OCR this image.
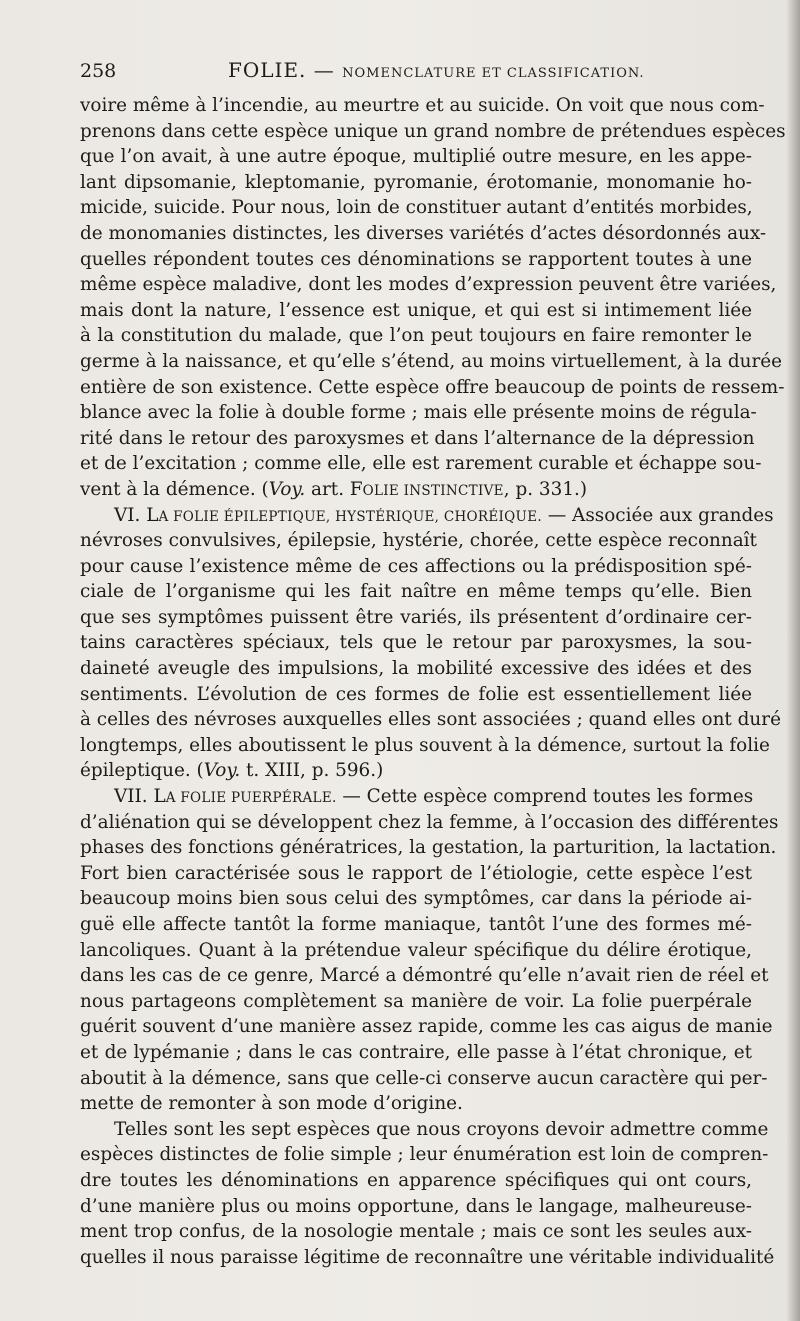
258	FOLIE. — NOMENCLATURE ET CLASSIFICATION.
voire même à l’incendie, au meurtre et au suicide. On voit que nous com-
prenons dans cette espèce unique un grand nombre de prétendues espèces
que l’on avait, à une autre époque, multiplié outre mesure, en les appe-
lant dipsomanie, kleptomanie, pyromanie, érotomanie, monomanie ho-
micide, suicide. Pour nous, loin de constituer autant d’entités morbides,
de monomanies distinctes, les diverses variétés d’actes désordonnés aux-
quelles répondent toutes ces dénominations se rapportent toutes à une
même espèce maladive, dont les modes d’expression peuvent être variées,
mais dont la nature, l’essence est unique, et qui est si intimement liée
à la constitution du malade, que l’on peut toujours en faire remonter le
germe à la naissance, et qu’elle s’étend, au moins virtuellement, à la durée
entière de son existence. Cette espèce offre beaucoup de points de ressem-
blance avec la folie à double forme ; mais elle présente moins de régula-
rité dans le retour des paroxysmes et dans l’alternance de la dépression
et de l’excitation ; comme elle, elle est rarement curable et échappe sou-
vent à la démence. (Voy. art. FOLIE INSTINCTIVE, p. 331.)
VI. LA FOLIE ÉPILEPTIQUE, HYSTÉRIQUE, CHORÉIQUE. — Associée aux grandes
névroses convulsives, épilepsie, hystérie, chorée, cette espèce reconnaît
pour cause l’existence même de ces affections ou la prédisposition spé-
ciale de l’organisme qui les fait naître en même temps qu’elle. Bien
que ses symptômes puissent être variés, ils présentent d’ordinaire cer-
tains caractères spéciaux, tels que le retour par paroxysmes, la sou-
daineté aveugle des impulsions, la mobilité excessive des idées et des
sentiments. L’évolution de ces formes de folie est essentiellement liée
à celles des névroses auxquelles elles sont associées ; quand elles ont duré
longtemps, elles aboutissent le plus souvent à la démence, surtout la folie
épileptique. (Voy. t. XIII, p. 596.)
VII. LA FOLIE PUERPÉRALE. — Cette espèce comprend toutes les formes
d’aliénation qui se développent chez la femme, à l’occasion des différentes
phases des fonctions génératrices, la gestation, la parturition, la lactation.
Fort bien caractérisée sous le rapport de l’étiologie, cette espèce l’est
beaucoup moins bien sous celui des symptômes, car dans la période ai-
guë elle affecte tantôt la forme maniaque, tantôt l’une des formes mé-
lancoliques. Quant à la prétendue valeur spécifique du délire érotique,
dans les cas de ce genre, Marcé a démontré qu’elle n’avait rien de réel et
nous partageons complètement sa manière de voir. La folie puerpérale
guérit souvent d’une manière assez rapide, comme les cas aigus de manie
et de lypémanie ; dans le cas contraire, elle passe à l’état chronique, et
aboutit à la démence, sans que celle-ci conserve aucun caractère qui per-
mette de remonter à son mode d’origine.
Telles sont les sept espèces que nous croyons devoir admettre comme
espèces distinctes de folie simple ; leur énumération est loin de compren-
dre toutes les dénominations en apparence spécifiques qui ont cours,
d’une manière plus ou moins opportune, dans le langage, malheureuse-
ment trop confus, de la nosologie mentale ; mais ce sont les seules aux-
quelles il nous paraisse légitime de reconnaître une véritable individualité
